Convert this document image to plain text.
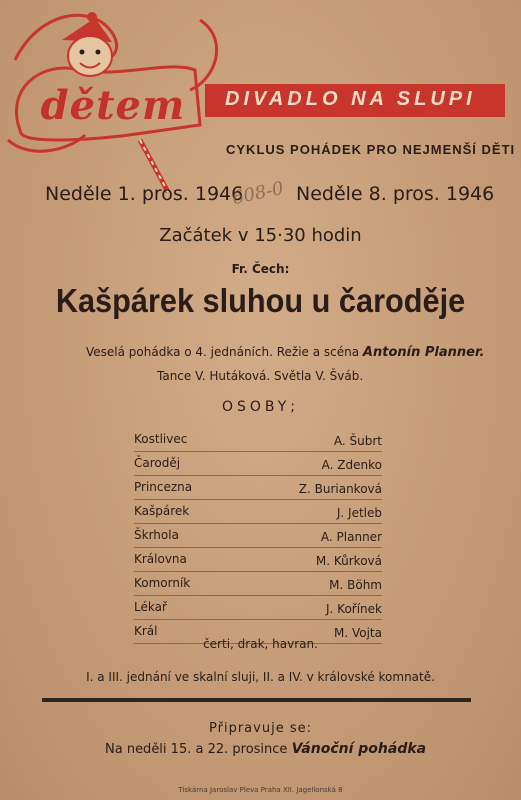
dětem DIVADLO NA SLUPI
CYKLUS POHÁDEK PRO NEJMENŠÍ DĚTI
Neděle 1. pros. 1946
608-0 Neděle 8. pros. 1946
Začátek v 15·30 hodin
Fr. Čech:
Kašpárek sluhou u čaroděje
Veselá pohádka o 4. jednáních. Režie a scéna Antonín Planner.
Tance V. Hutáková. Světla V. Šváb.
OSOBY;
Kostlivec	A. Šubrt
Čaroděj	A. Zdenko
Princezna	Z. Burianková
Kašpárek	J. Jetleb
Škrhola	A. Planner
Královna	M. Kůrková
Komorník	M. Böhm
Lékař	J. Kořínek
Král	M. Vojta
čerti, drak, havran.
I. a III. jednání ve skalní sluji, II. a IV. v královské komnatě.
Připravuje se:
Na neděli 15. a 22. prosince Vánoční pohádka
Tiskárna Jaroslav Pleva Praha XII. Jagellonská 8
